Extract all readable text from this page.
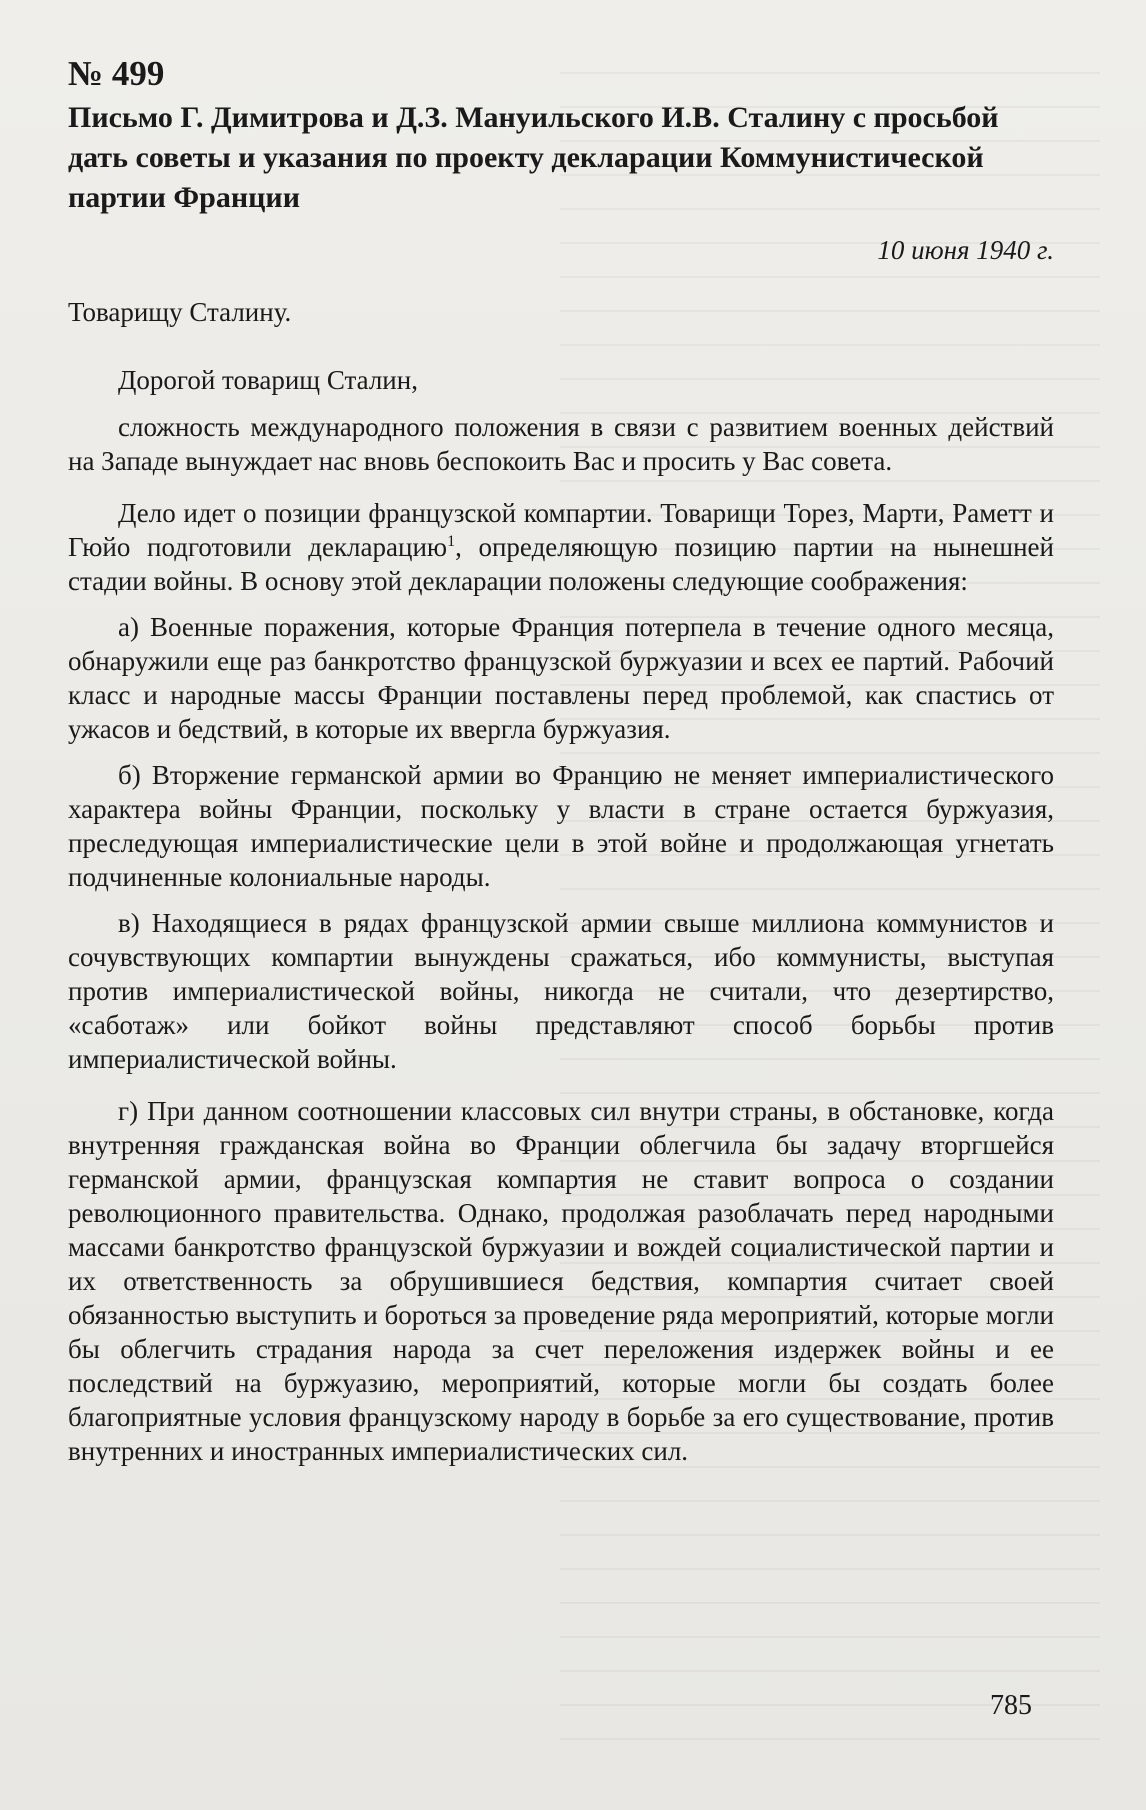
№ 499
Письмо Г. Димитрова и Д.З. Мануильского И.В. Сталину с просьбой дать советы и указания по проекту декларации Коммунистической партии Франции
10 июня 1940 г.
Товарищу Сталину.
Дорогой товарищ Сталин,

сложность международного положения в связи с развитием военных действий на Западе вынуждает нас вновь беспокоить Вас и просить у Вас совета.

Дело идет о позиции французской компартии. Товарищи Торез, Марти, Раметт и Гюйо подготовили декларацию$^1$, определяющую позицию партии на нынешней стадии войны. В основу этой декларации положены следующие соображения:

а) Военные поражения, которые Франция потерпела в течение одного месяца, обнаружили еще раз банкротство французской буржуазии и всех ее партий. Рабочий класс и народные массы Франции поставлены перед проблемой, как спастись от ужасов и бедствий, в которые их ввергла буржуазия.

б) Вторжение германской армии во Францию не меняет империалистического характера войны Франции, поскольку у власти в стране остается буржуазия, преследующая империалистические цели в этой войне и продолжающая угнетать подчиненные колониальные народы.

в) Находящиеся в рядах французской армии свыше миллиона коммунистов и сочувствующих компартии вынуждены сражаться, ибо коммунисты, выступая против империалистической войны, никогда не считали, что дезертирство, «саботаж» или бойкот войны представляют способ борьбы против империалистической войны.

г) При данном соотношении классовых сил внутри страны, в обстановке, когда внутренняя гражданская война во Франции облегчила бы задачу вторгшейся германской армии, французская компартия не ставит вопроса о создании революционного правительства. Однако, продолжая разоблачать перед народными массами банкротство французской буржуазии и вождей социалистической партии и их ответственность за обрушившиеся бедствия, компартия считает своей обязанностью выступить и бороться за проведение ряда мероприятий, которые могли бы облегчить страдания народа за счет переложения издержек войны и ее последствий на буржуазию, мероприятий, которые могли бы создать более благоприятные условия французскому народу в борьбе за его существование, против внутренних и иностранных империалистических сил.

785
